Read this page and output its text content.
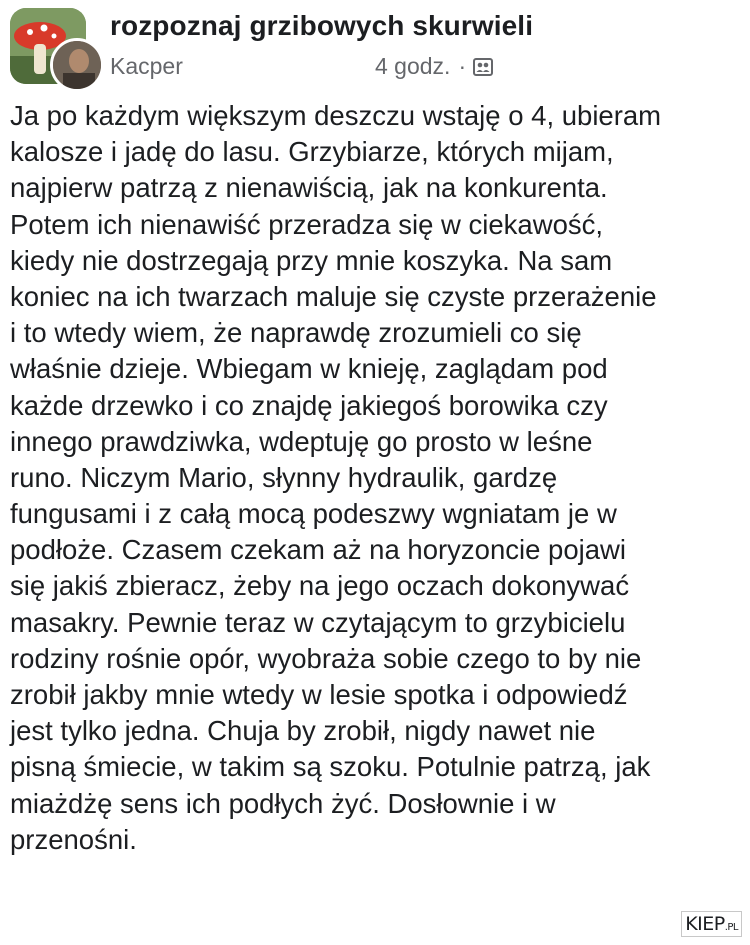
rozpoznaj grzibowych skurwieli
Kacper	4 godz. ·
Ja po każdym większym deszczu wstaję o 4, ubieram
kalosze i jadę do lasu. Grzybiarze, których mijam,
najpierw patrzą z nienawiścią, jak na konkurenta.
Potem ich nienawiść przeradza się w ciekawość,
kiedy nie dostrzegają przy mnie koszyka. Na sam
koniec na ich twarzach maluje się czyste przerażenie
i to wtedy wiem, że naprawdę zrozumieli co się
właśnie dzieje. Wbiegam w knieję, zaglądam pod
każde drzewko i co znajdę jakiegoś borowika czy
innego prawdziwka, wdeptuję go prosto w leśne
runo. Niczym Mario, słynny hydraulik, gardzę
fungusami i z całą mocą podeszwy wgniatam je w
podłoże. Czasem czekam aż na horyzoncie pojawi
się jakiś zbieracz, żeby na jego oczach dokonywać
masakry. Pewnie teraz w czytającym to grzybicielu
rodziny rośnie opór, wyobraża sobie czego to by nie
zrobił jakby mnie wtedy w lesie spotka i odpowiedź
jest tylko jedna. Chuja by zrobił, nigdy nawet nie
pisną śmiecie, w takim są szoku. Potulnie patrzą, jak
miażdżę sens ich podłych żyć. Dosłownie i w
przenośni.
KIEP.PL
